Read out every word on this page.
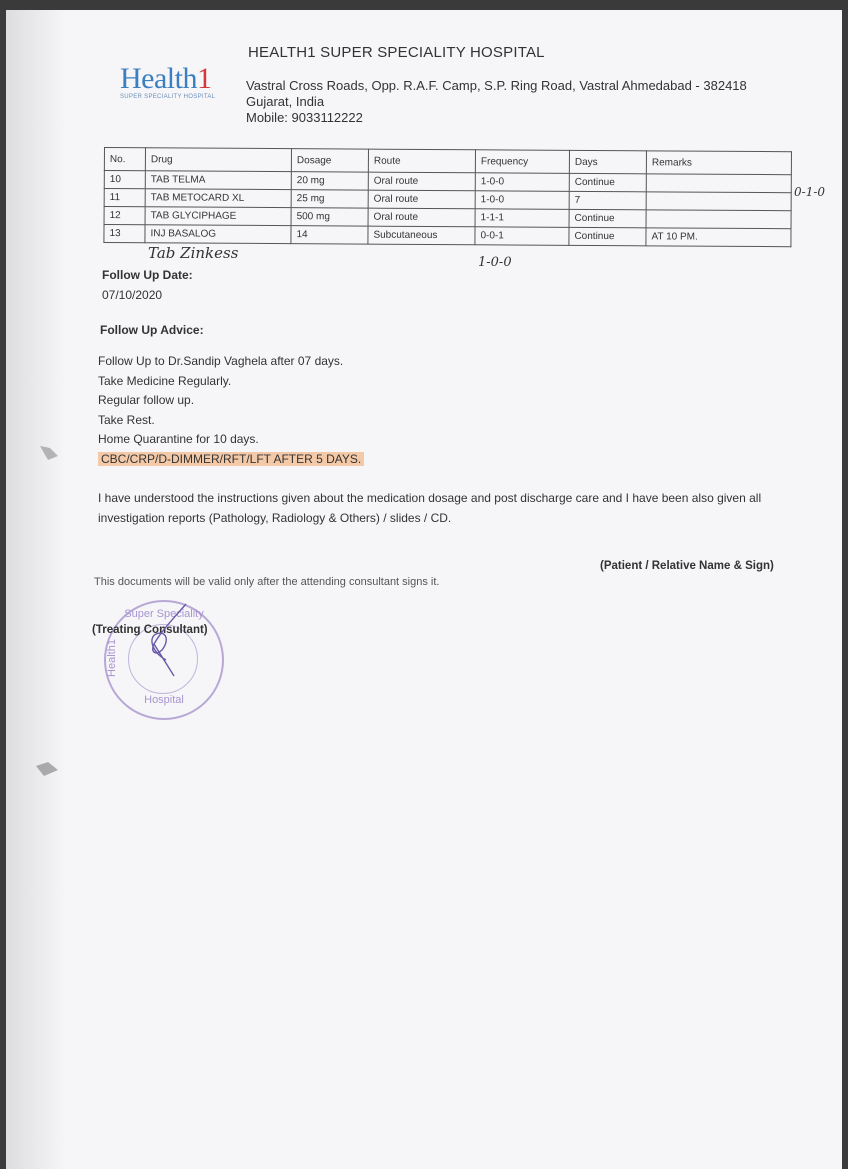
Health1
SUPER SPECIALITY HOSPITAL
HEALTH1 SUPER SPECIALITY HOSPITAL
Vastral Cross Roads, Opp. R.A.F. Camp, S.P. Ring Road, Vastral Ahmedabad - 382418
Gujarat, India
Mobile: 9033112222
No.	Drug	Dosage	Route	Frequency	Days	Remarks
10	TAB TELMA	20 mg	Oral route	1-0-0	Continue	
11	TAB METOCARD XL	25 mg	Oral route	1-0-0	7	
12	TAB GLYCIPHAGE	500 mg	Oral route	1-1-1	Continue	
13	INJ BASALOG	14	Subcutaneous	0-0-1	Continue	AT 10 PM.
Tab Zinkess
1-0-0
0-1-0
Follow Up Date:
07/10/2020
Follow Up Advice:
Follow Up to Dr.Sandip Vaghela after 07 days.
Take Medicine Regularly.
Regular follow up.
Take Rest.
Home Quarantine for 10 days.
CBC/CRP/D-DIMMER/RFT/LFT AFTER 5 DAYS.
I have understood the instructions given about the medication dosage and post discharge care and I have been also given all investigation reports (Pathology, Radiology & Others) / slides / CD.
(Patient / Relative Name & Sign)
This documents will be valid only after the attending consultant signs it.
Super Speciality
Hospital
Health1
(Treating Consultant)
